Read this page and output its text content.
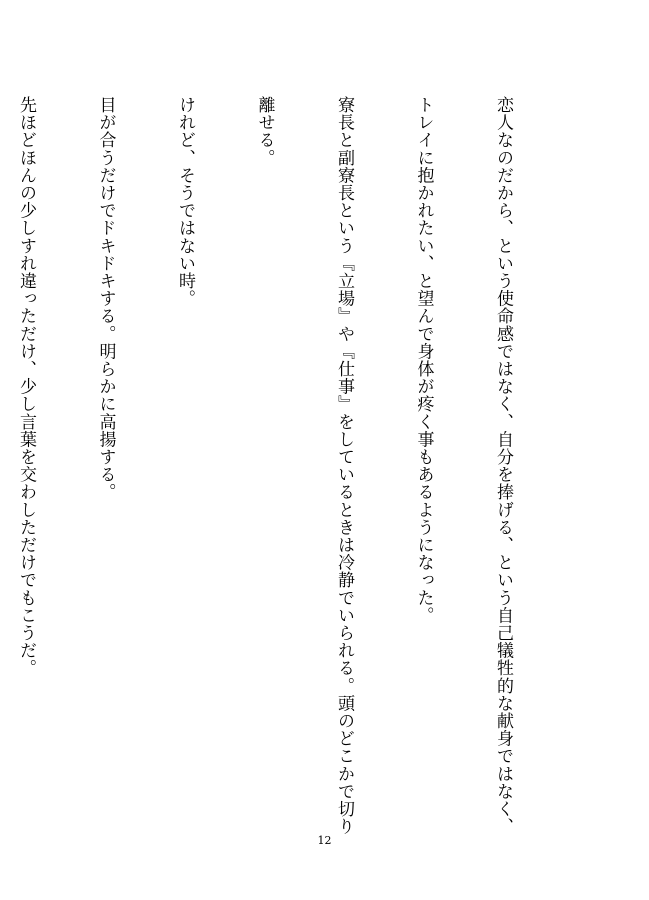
恋人なのだから、という使命感ではなく、自分を捧げる、という自己犠牲的な献身ではなく、

トレイに抱かれたい、と望んで身体が疼く事もあるようになった。

寮長と副寮長という『立場』や『仕事』をしているときは冷静でいられる。頭のどこかで切り

離せる。

けれど、そうではない時。

目が合うだけでドキドキする。明らかに高揚する。

先ほどほんの少しすれ違っただけ、少し言葉を交わしただけでもこうだ。

12
